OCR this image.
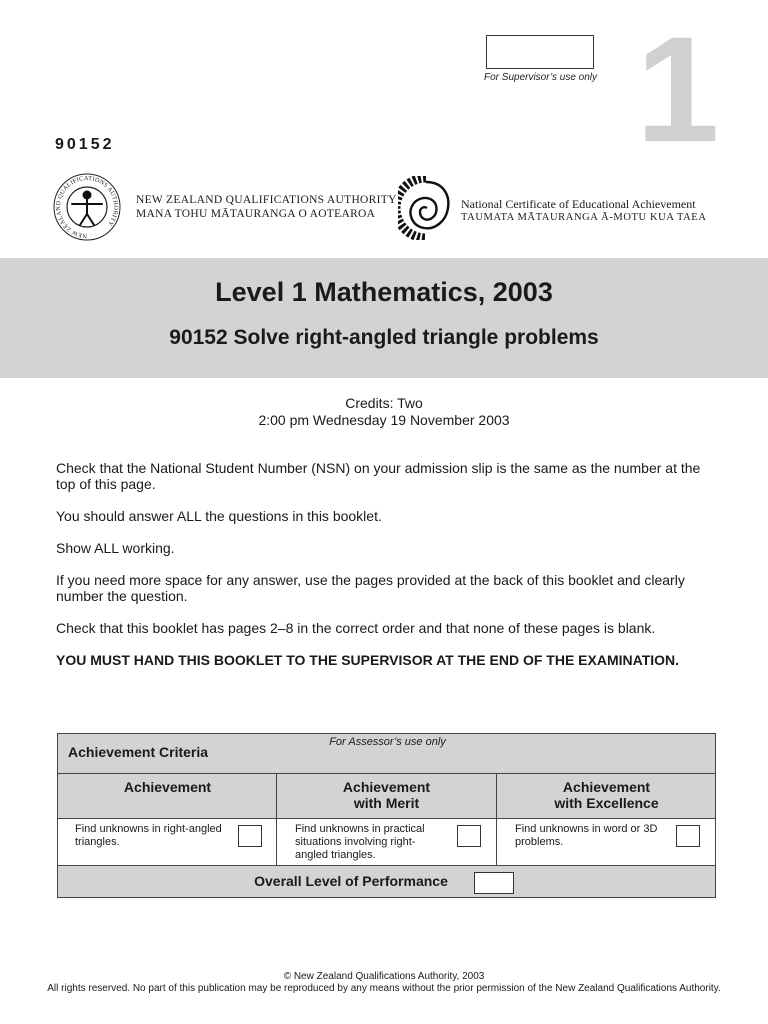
For Supervisor’s use only 1
90152
NEW ZEALAND QUALIFICATIONS AUTHORITY
NEW ZEALAND QUALIFICATIONS AUTHORITY
MANA TOHU MĀTAURANGA O AOTEAROA
National Certificate of Educational Achievement
TAUMATA MĀTAURANGA Ā-MOTU KUA TAEA
Level 1 Mathematics, 2003
90152 Solve right-angled triangle problems
Credits: Two
2:00 pm Wednesday 19 November 2003
Check that the National Student Number (NSN) on your admission slip is the same as the number at the top of this page.
You should answer ALL the questions in this booklet.
Show ALL working.
If you need more space for any answer, use the pages provided at the back of this booklet and clearly number the question.
Check that this booklet has pages 2–8 in the correct order and that none of these pages is blank.
YOU MUST HAND THIS BOOKLET TO THE SUPERVISOR AT THE END OF THE EXAMINATION.
For Assessor’s use only
Achievement Criteria
Achievement	Achievement
with Merit
Achievement
with Excellence
Find unknowns in right-angled triangles.
Find unknowns in practical situations involving right-angled triangles.
Find unknowns in word or 3D problems.
Overall Level of Performance
© New Zealand Qualifications Authority, 2003
All rights reserved. No part of this publication may be reproduced by any means without the prior permission of the New Zealand Qualifications Authority.
